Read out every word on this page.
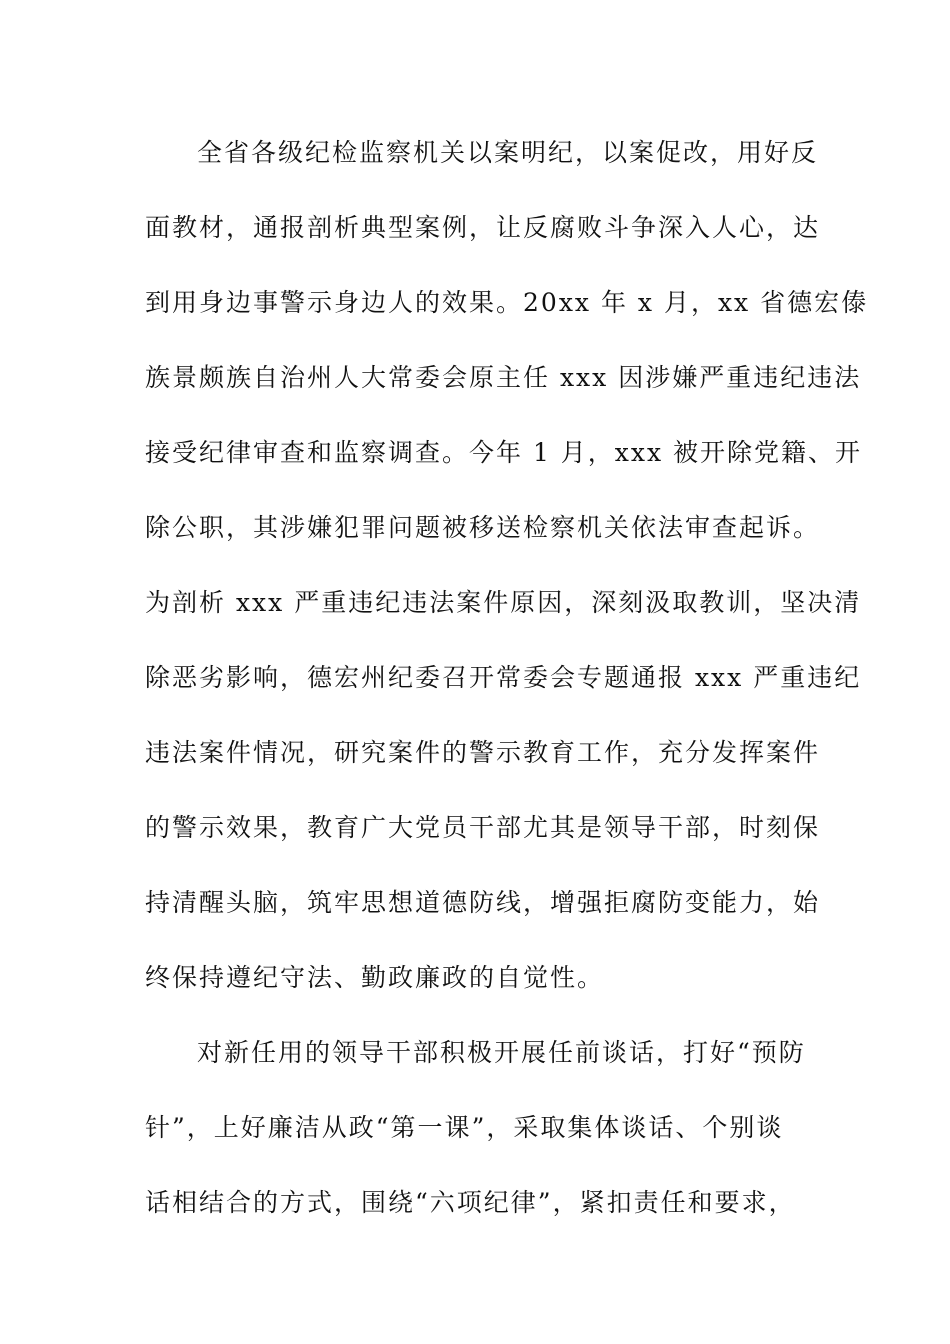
全省各级纪检监察机关以案明纪，以案促改，用好反
面教材，通报剖析典型案例，让反腐败斗争深入人心，达
到用身边事警示身边人的效果。20xx 年 x 月，xx 省德宏傣
族景颇族自治州人大常委会原主任 xxx 因涉嫌严重违纪违法
接受纪律审查和监察调查。今年 1 月，xxx 被开除党籍、开
除公职，其涉嫌犯罪问题被移送检察机关依法审查起诉。
为剖析 xxx 严重违纪违法案件原因，深刻汲取教训，坚决清
除恶劣影响，德宏州纪委召开常委会专题通报 xxx 严重违纪
违法案件情况，研究案件的警示教育工作，充分发挥案件
的警示效果，教育广大党员干部尤其是领导干部，时刻保
持清醒头脑，筑牢思想道德防线，增强拒腐防变能力，始
终保持遵纪守法、勤政廉政的自觉性。
对新任用的领导干部积极开展任前谈话，打好“预防
针”，上好廉洁从政“第一课”，采取集体谈话、个别谈
话相结合的方式，围绕“六项纪律”，紧扣责任和要求，
